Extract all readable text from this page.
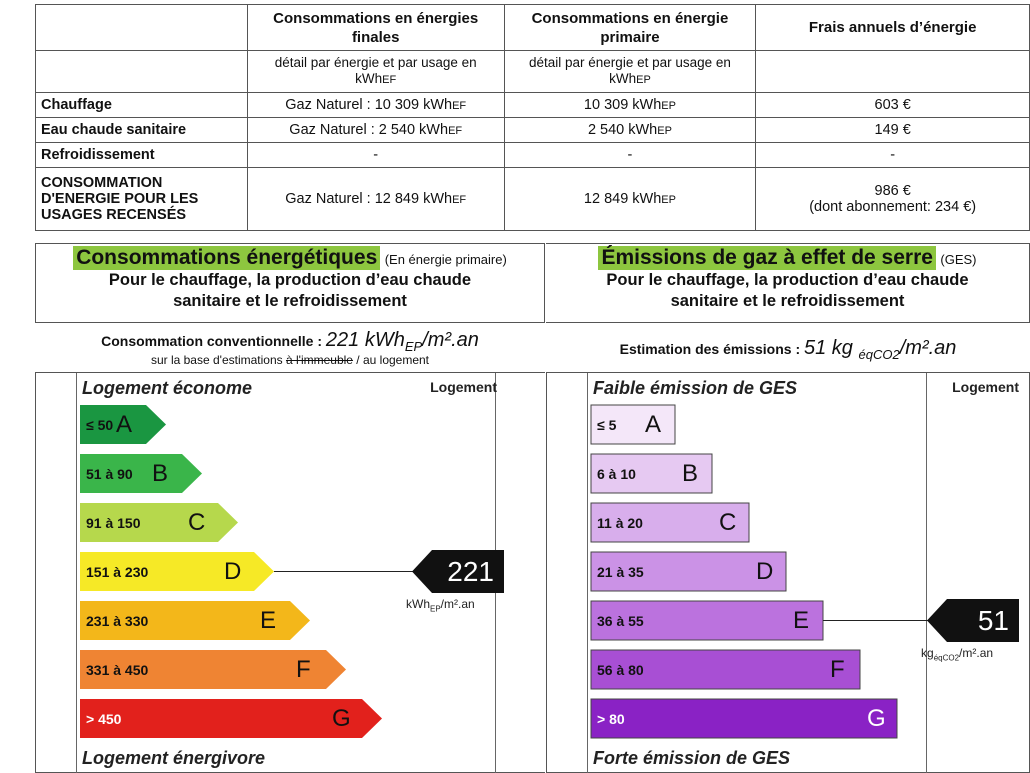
	Consommations en énergies finales	Consommations en énergie primaire	Frais annuels d’énergie
	détail par énergie et par usage en kWhEF	détail par énergie et par usage en kWhEP	
Chauffage	Gaz Naturel : 10 309 kWhEF	10 309 kWhEP	603 €
Eau chaude sanitaire	Gaz Naturel : 2 540 kWhEF	2 540 kWhEP	149 €
Refroidissement	-	-	-
CONSOMMATION D'ENERGIE POUR LES USAGES RECENSÉS	Gaz Naturel : 12 849 kWhEF	12 849 kWhEP	986 €
(dont abonnement: 234 €)
Consommations énergétiques (En énergie primaire)
Pour le chauffage, la production d’eau chaude
sanitaire et le refroidissement
Consommation conventionnelle : 221 kWh$_{EP}$/m².an
sur la base d'estimations à l'immeuble / au logement
Logement économe	Logement
≤ 50 A
51 à 90 B
91 à 150 C
151 à 230	D	221
kWh$_{EP}$/m².an
231 à 330	E
331 à 450	F
> 450	G
Logement énergivore
Émissions de gaz à effet de serre (GES)
Pour le chauffage, la production d’eau chaude
sanitaire et le refroidissement
Estimation des émissions : 51 kg $_{éqCO2}$/m².an
Faible émission de GES	Logement
≤ 5 A
6 à 10 B
11 à 20	C
21 à 35	D
36 à 55	E	51
$kg_{éqCO2}/m^2.an$
56 à 80	F
> 80	G
Forte émission de GES
